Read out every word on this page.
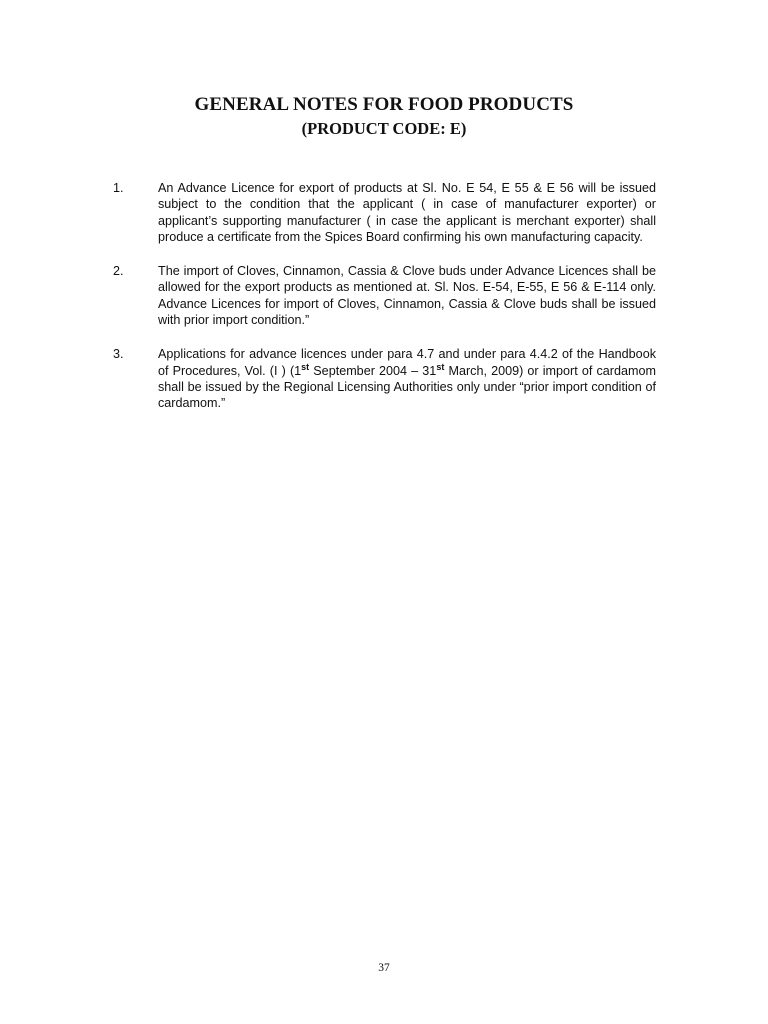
GENERAL NOTES FOR FOOD PRODUCTS
(PRODUCT CODE: E)
1.	An Advance Licence for export of products at Sl. No. E 54, E 55 & E 56 will be issued subject to the condition that the applicant ( in case of manufacturer exporter) or applicant’s supporting manufacturer ( in case the applicant is merchant exporter) shall produce a certificate from the Spices Board confirming his own manufacturing capacity.
2.	The import of Cloves, Cinnamon, Cassia & Clove buds under Advance Licences shall be allowed for the export products as mentioned at. Sl. Nos. E-54, E-55, E 56 & E-114 only. Advance Licences for import of Cloves, Cinnamon, Cassia & Clove buds shall be issued with prior import condition.”
3.	Applications for advance licences under para 4.7 and under para 4.4.2 of the Handbook of Procedures, Vol. (I ) (1st September 2004 – 31st March, 2009) or import of cardamom shall be issued by the Regional Licensing Authorities only under “prior import condition of cardamom.”
37
